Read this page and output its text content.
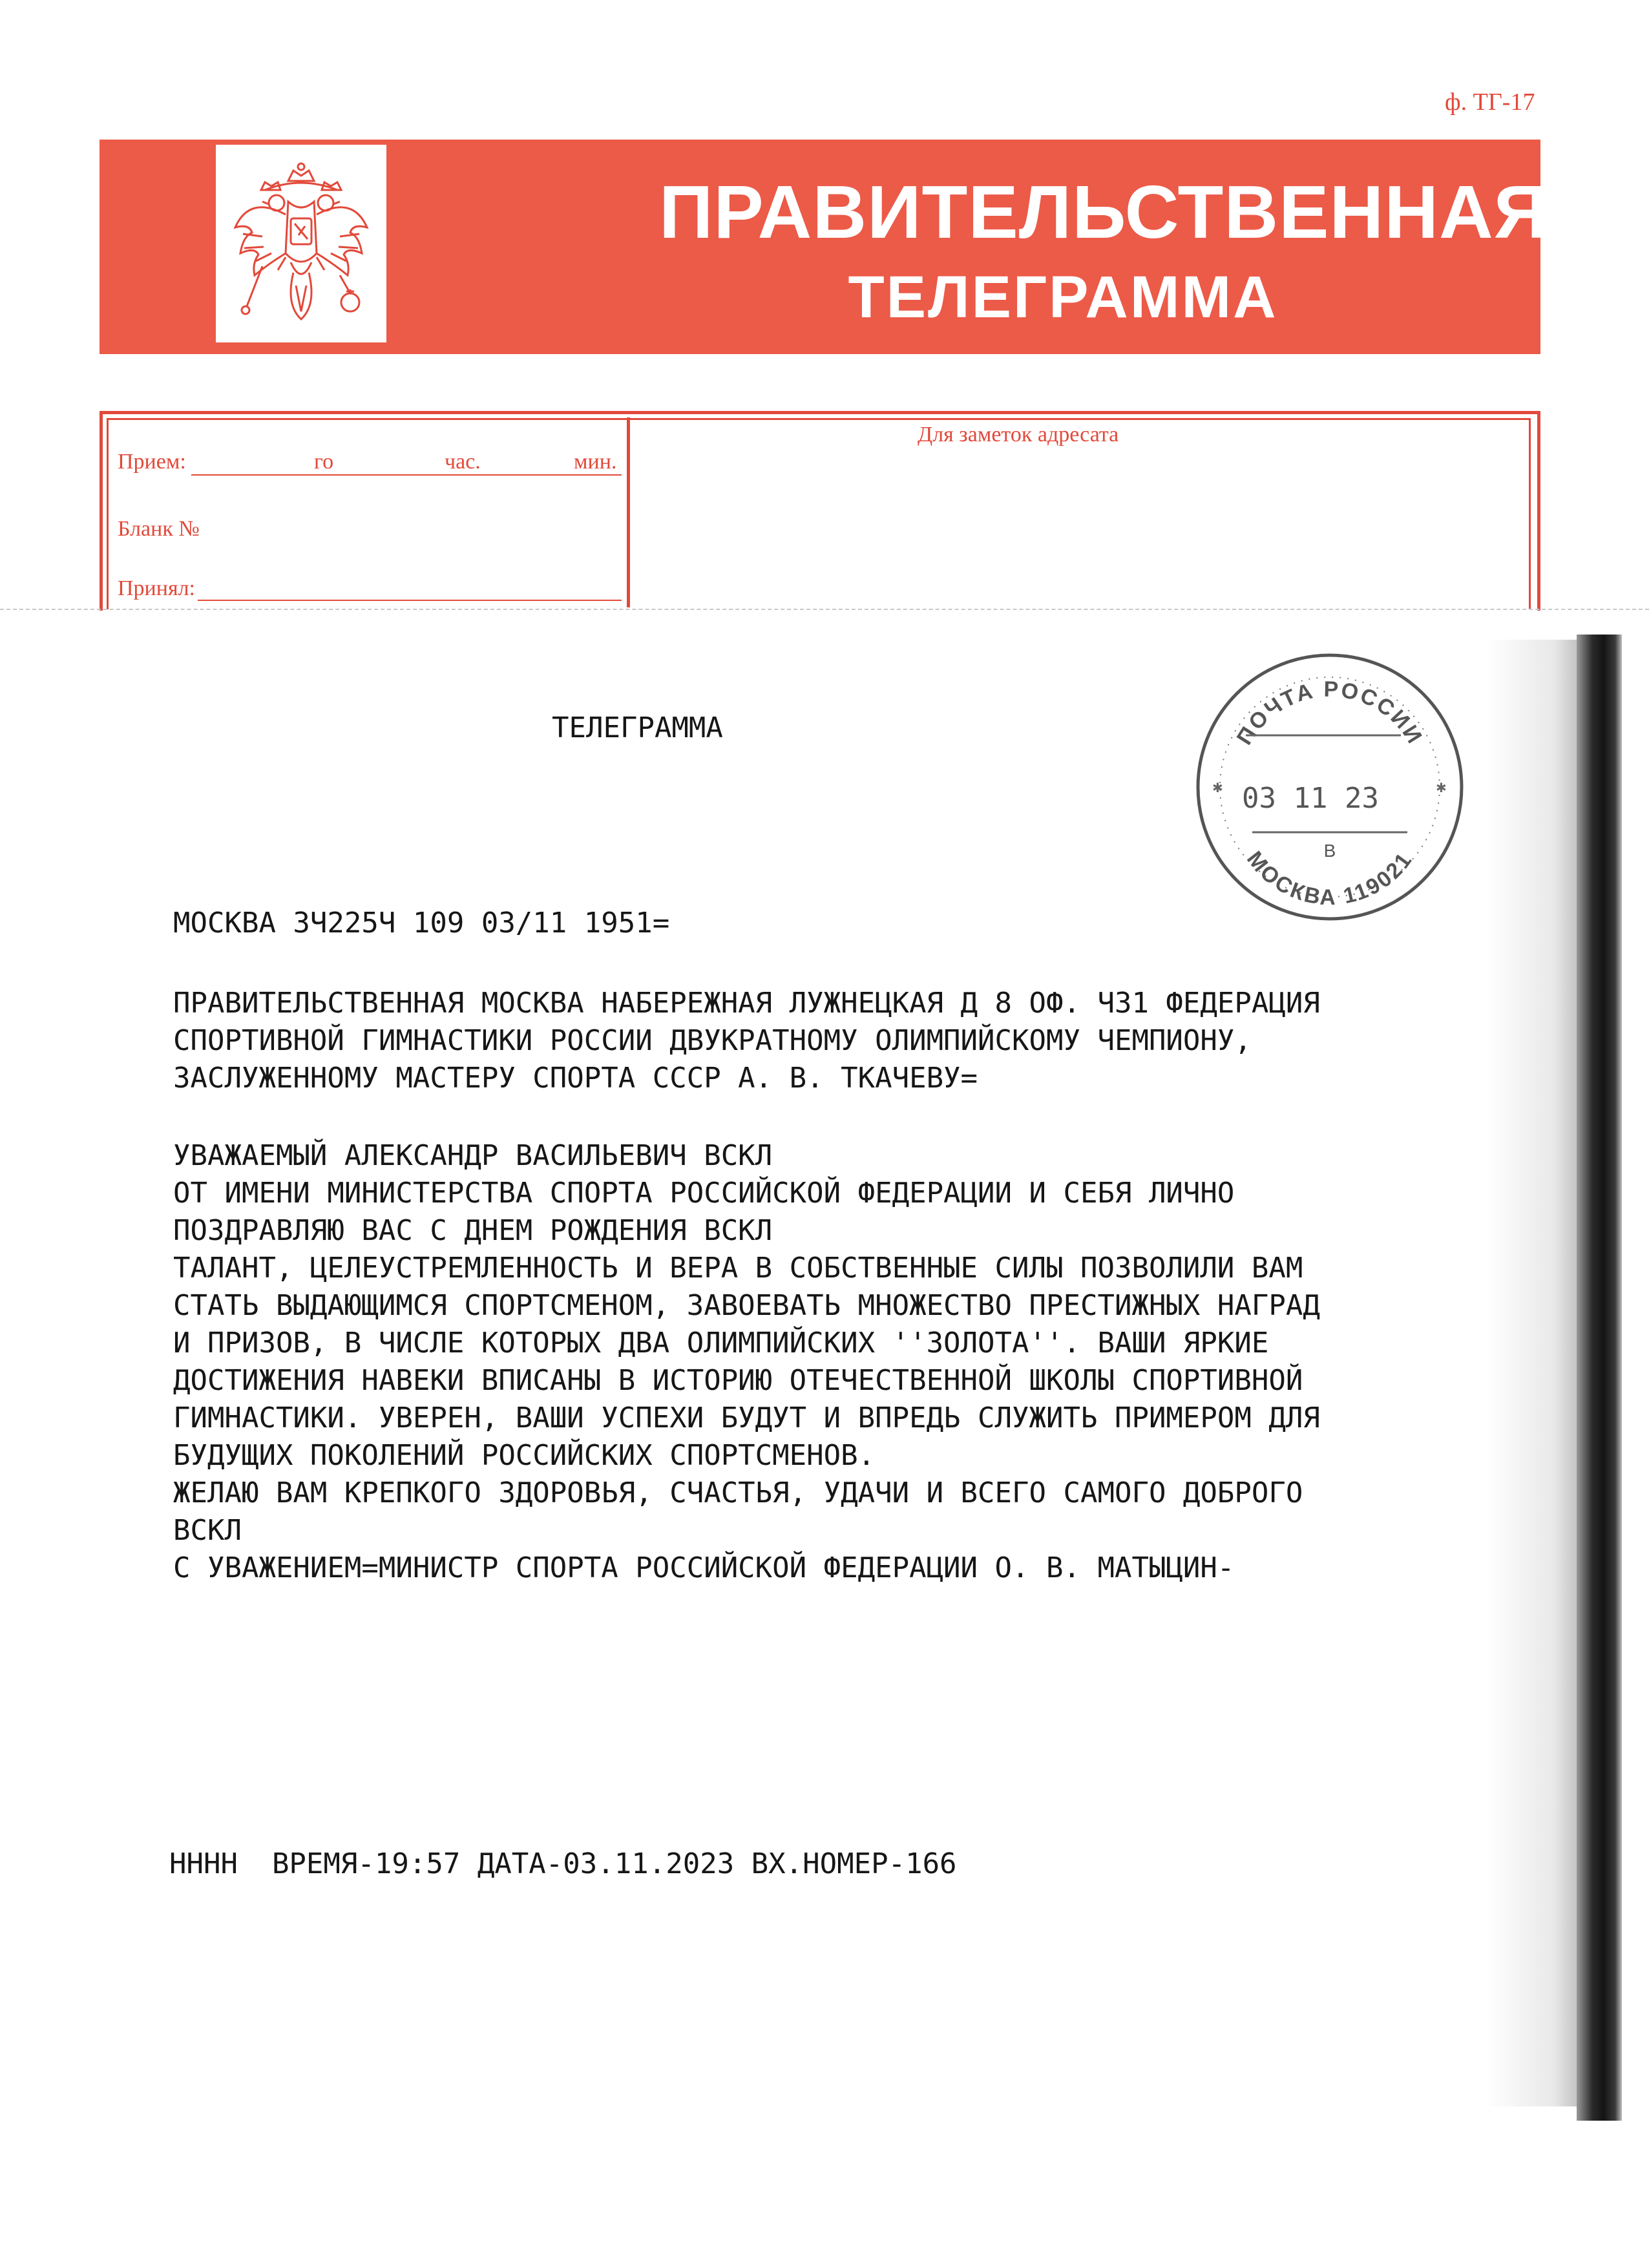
ф. ТГ-17
ПРАВИТЕЛЬСТВЕННАЯ
ТЕЛЕГРАММА
Прием:	го	час.	мин.
Бланк №
Принял:
Для заметок адресата
ТЕЛЕГРАММА
МОСКВА 3Ч225Ч 109 03/11 1951=
ПРАВИТЕЛЬСТВЕННАЯ МОСКВА НАБЕРЕЖНАЯ ЛУЖНЕЦКАЯ Д 8 ОФ. Ч31 ФЕДЕРАЦИЯ
СПОРТИВНОЙ ГИМНАСТИКИ РОССИИ ДВУКРАТНОМУ ОЛИМПИЙСКОМУ ЧЕМПИОНУ,
ЗАСЛУЖЕННОМУ МАСТЕРУ СПОРТА СССР А. В. ТКАЧЕВУ=
УВАЖАЕМЫЙ АЛЕКСАНДР ВАСИЛЬЕВИЧ ВСКЛ
ОТ ИМЕНИ МИНИСТЕРСТВА СПОРТА РОССИЙСКОЙ ФЕДЕРАЦИИ И СЕБЯ ЛИЧНО
ПОЗДРАВЛЯЮ ВАС С ДНЕМ РОЖДЕНИЯ ВСКЛ
ТАЛАНТ, ЦЕЛЕУСТРЕМЛЕННОСТЬ И ВЕРА В СОБСТВЕННЫЕ СИЛЫ ПОЗВОЛИЛИ ВАМ
СТАТЬ ВЫДАЮЩИМСЯ СПОРТСМЕНОМ, ЗАВОЕВАТЬ МНОЖЕСТВО ПРЕСТИЖНЫХ НАГРАД
И ПРИЗОВ, В ЧИСЛЕ КОТОРЫХ ДВА ОЛИМПИЙСКИХ ''ЗОЛОТА''. ВАШИ ЯРКИЕ
ДОСТИЖЕНИЯ НАВЕКИ ВПИСАНЫ В ИСТОРИЮ ОТЕЧЕСТВЕННОЙ ШКОЛЫ СПОРТИВНОЙ
ГИМНАСТИКИ. УВЕРЕН, ВАШИ УСПЕХИ БУДУТ И ВПРЕДЬ СЛУЖИТЬ ПРИМЕРОМ ДЛЯ
БУДУЩИХ ПОКОЛЕНИЙ РОССИЙСКИХ СПОРТСМЕНОВ.
ЖЕЛАЮ ВАМ КРЕПКОГО ЗДОРОВЬЯ, СЧАСТЬЯ, УДАЧИ И ВСЕГО САМОГО ДОБРОГО
ВСКЛ
С УВАЖЕНИЕМ=МИНИСТР СПОРТА РОССИЙСКОЙ ФЕДЕРАЦИИ О. В. МАТЫЦИН-
НННН  ВРЕМЯ-19:57 ДАТА-03.11.2023 ВХ.НОМЕР-166
ПОЧТА РОССИИ
03 11 23
✱	✱
В
МОСКВА 119021
